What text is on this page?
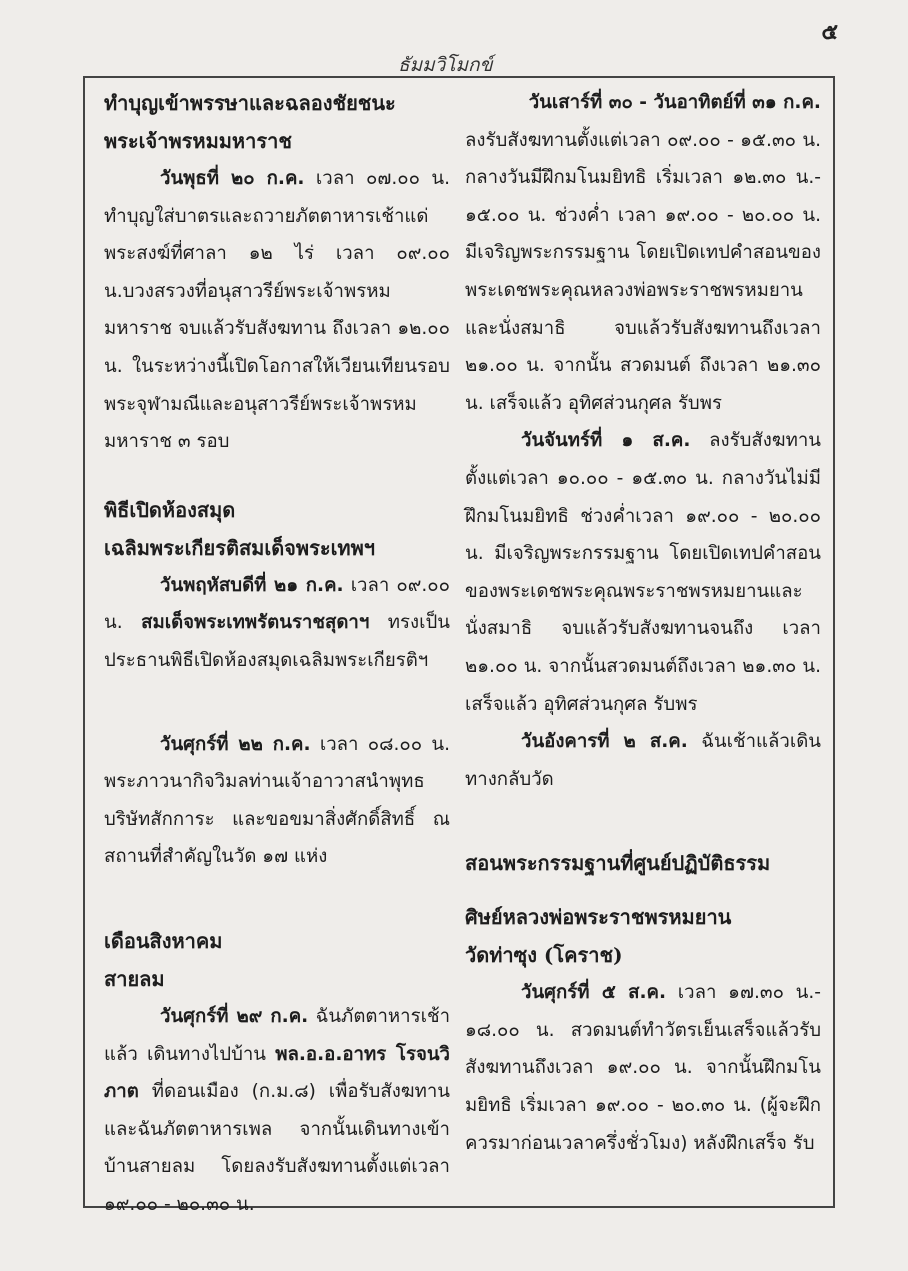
๕
ธัมมวิโมกข์

ทำบุญเข้าพรรษาและฉลองชัยชนะ

พระเจ้าพรหมมหาราช

วันพุธที่ ๒๐ ก.ค. เวลา ๐๗.๐๐ น. ทำบุญใส่บาตรและถวายภัตตาหารเช้าแด่พระสงฆ์ที่ศาลา ๑๒ ไร่ เวลา ๐๙.๐๐ น.บวงสรวงที่อนุสาวรีย์พระเจ้าพรหมมหาราช จบแล้วรับสังฆทาน ถึงเวลา ๑๒.๐๐ น. ในระหว่างนี้เปิดโอกาสให้เวียนเทียนรอบพระจุฬามณีและอนุสาวรีย์พระเจ้าพรหมมหาราช ๓ รอบ

พิธีเปิดห้องสมุด

เฉลิมพระเกียรติสมเด็จพระเทพฯ

วันพฤหัสบดีที่ ๒๑ ก.ค. เวลา ๐๙.๐๐ น. สมเด็จพระเทพรัตนราชสุดาฯ ทรงเป็นประธานพิธีเปิดห้องสมุดเฉลิมพระเกียรติฯ

วันศุกร์ที่ ๒๒ ก.ค. เวลา ๐๘.๐๐ น. พระภาวนากิจวิมลท่านเจ้าอาวาสนำพุทธบริษัทสักการะ และขอขมาสิ่งศักดิ์สิทธิ์ ณ สถานที่สำคัญในวัด ๑๗ แห่ง

เดือนสิงหาคม

สายลม

วันศุกร์ที่ ๒๙ ก.ค. ฉันภัตตาหารเช้าแล้ว เดินทางไปบ้าน พล.อ.อ.อาทร โรจนวิภาต ที่ดอนเมือง (ก.ม.๘) เพื่อรับสังฆทาน และฉันภัตตาหารเพล จากนั้นเดินทางเข้าบ้านสายลม โดยลงรับสังฆทานตั้งแต่เวลา ๑๙.๐๐ - ๒๐.๓๐ น.

วันเสาร์ที่ ๓๐ - วันอาทิตย์ที่ ๓๑ ก.ค.

ลงรับสังฆทานตั้งแต่เวลา ๐๙.๐๐ - ๑๕.๓๐ น. กลางวันมีฝึกมโนมยิทธิ เริ่มเวลา ๑๒.๓๐ น.- ๑๕.๐๐ น. ช่วงค่ำ เวลา ๑๙.๐๐ - ๒๐.๐๐ น. มีเจริญพระกรรมฐาน โดยเปิดเทปคำสอนของพระเดชพระคุณหลวงพ่อพระราชพรหมยานและนั่งสมาธิ จบแล้วรับสังฆทานถึงเวลา ๒๑.๐๐ น. จากนั้น สวดมนต์ ถึงเวลา ๒๑.๓๐ น. เสร็จแล้ว อุทิศส่วนกุศล รับพร

วันจันทร์ที่ ๑ ส.ค. ลงรับสังฆทานตั้งแต่เวลา ๑๐.๐๐ - ๑๕.๓๐ น. กลางวันไม่มีฝึกมโนมยิทธิ ช่วงค่ำเวลา ๑๙.๐๐ - ๒๐.๐๐ น. มีเจริญพระกรรมฐาน โดยเปิดเทปคำสอนของพระเดชพระคุณพระราชพรหมยานและนั่งสมาธิ จบแล้วรับสังฆทานจนถึง เวลา ๒๑.๐๐ น. จากนั้นสวดมนต์ถึงเวลา ๒๑.๓๐ น. เสร็จแล้ว อุทิศส่วนกุศล รับพร

วันอังคารที่ ๒ ส.ค. ฉันเช้าแล้วเดินทางกลับวัด

สอนพระกรรมฐานที่ศูนย์ปฏิบัติธรรม

ศิษย์หลวงพ่อพระราชพรหมยาน

วัดท่าซุง (โคราช)

วันศุกร์ที่ ๕ ส.ค. เวลา ๑๗.๓๐ น.- ๑๘.๐๐ น. สวดมนต์ทำวัตรเย็นเสร็จแล้วรับสังฆทานถึงเวลา ๑๙.๐๐ น. จากนั้นฝึกมโนมยิทธิ เริ่มเวลา ๑๙.๐๐ - ๒๐.๓๐ น. (ผู้จะฝึกควรมาก่อนเวลาครึ่งชั่วโมง) หลังฝึกเสร็จ รับ
